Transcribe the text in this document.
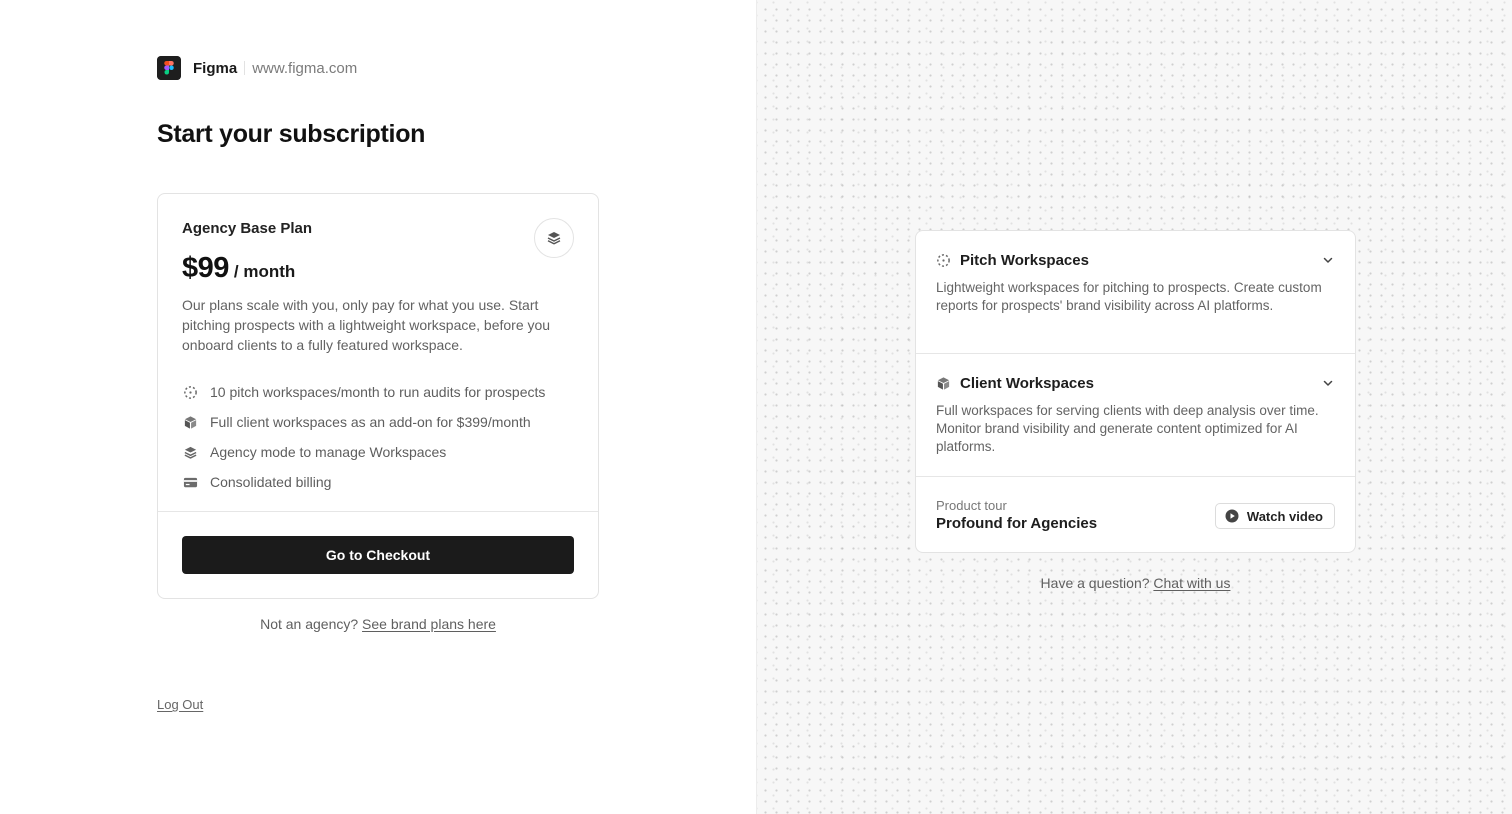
Figma www.figma.com
Start your subscription
Agency Base Plan
$99 / month

Our plans scale with you, only pay for what you use. Start pitching prospects with a lightweight workspace, before you onboard clients to a fully featured workspace.

10 pitch workspaces/month to run audits for prospects
Full client workspaces as an add-on for $399/month
Agency mode to manage Workspaces
Consolidated billing
Go to Checkout

Not an agency? See brand plans here

Log Out
Pitch Workspaces

Lightweight workspaces for pitching to prospects. Create custom reports for prospects' brand visibility across AI platforms.

Client Workspaces

Full workspaces for serving clients with deep analysis over time. Monitor brand visibility and generate content optimized for AI platforms.

Product tour
Profound for Agencies	Watch video

Have a question? Chat with us
